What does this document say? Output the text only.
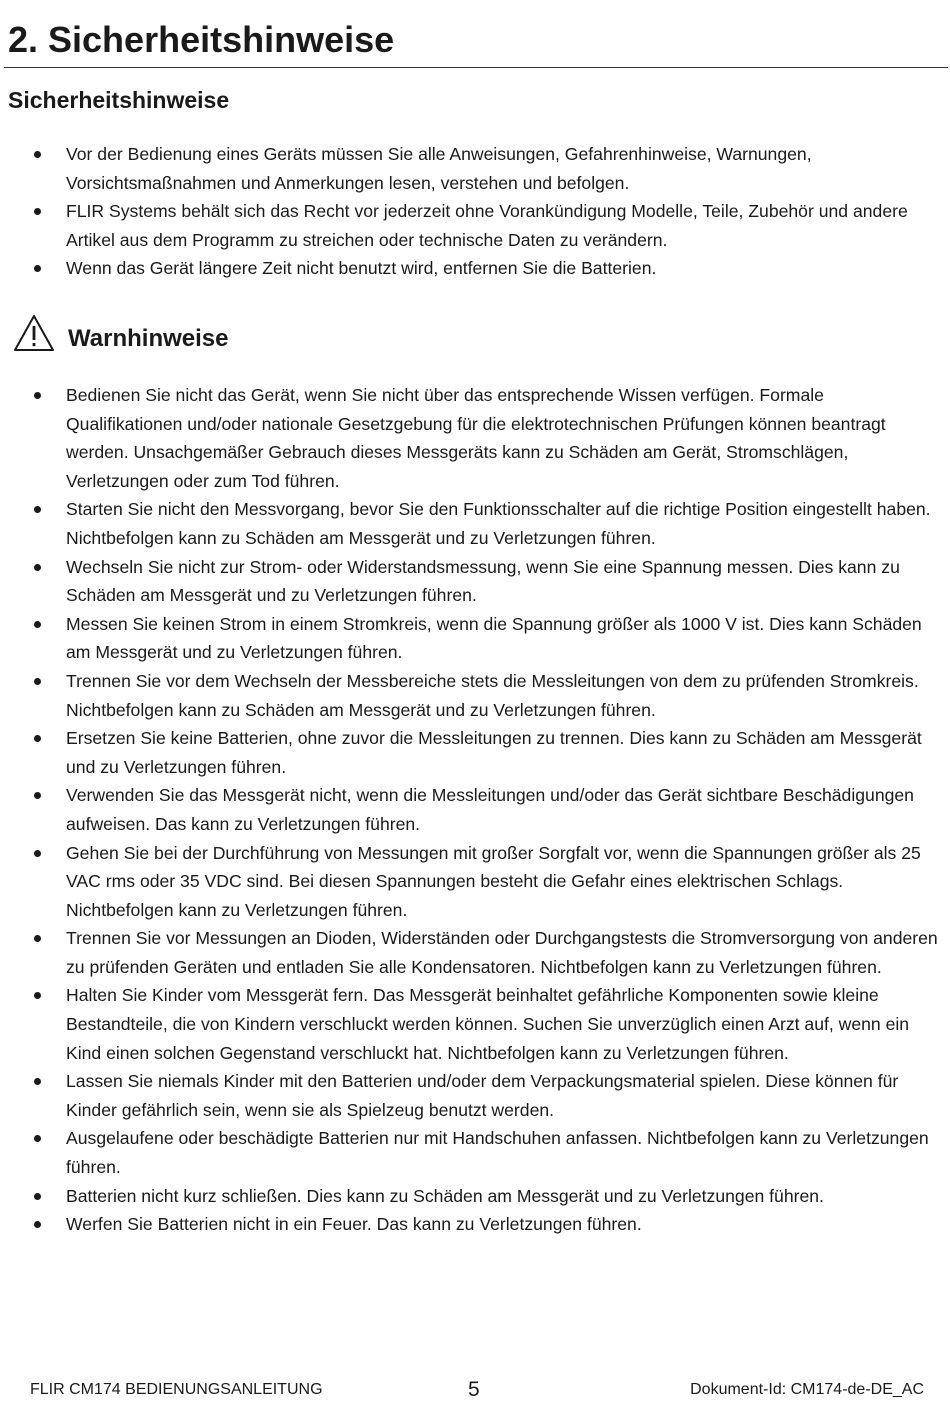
2. Sicherheitshinweise
Sicherheitshinweise
Vor der Bedienung eines Geräts müssen Sie alle Anweisungen, Gefahrenhinweise, Warnungen, Vorsichtsmaßnahmen und Anmerkungen lesen, verstehen und befolgen.
FLIR Systems behält sich das Recht vor jederzeit ohne Vorankündigung Modelle, Teile, Zubehör und andere Artikel aus dem Programm zu streichen oder technische Daten zu verändern.
Wenn das Gerät längere Zeit nicht benutzt wird, entfernen Sie die Batterien.
Warnhinweise
Bedienen Sie nicht das Gerät, wenn Sie nicht über das entsprechende Wissen verfügen. Formale Qualifikationen und/oder nationale Gesetzgebung für die elektrotechnischen Prüfungen können beantragt werden. Unsachgemäßer Gebrauch dieses Messgeräts kann zu Schäden am Gerät, Stromschlägen, Verletzungen oder zum Tod führen.
Starten Sie nicht den Messvorgang, bevor Sie den Funktionsschalter auf die richtige Position eingestellt haben. Nichtbefolgen kann zu Schäden am Messgerät und zu Verletzungen führen.
Wechseln Sie nicht zur Strom- oder Widerstandsmessung, wenn Sie eine Spannung messen. Dies kann zu Schäden am Messgerät und zu Verletzungen führen.
Messen Sie keinen Strom in einem Stromkreis, wenn die Spannung größer als 1000 V ist. Dies kann Schäden am Messgerät und zu Verletzungen führen.
Trennen Sie vor dem Wechseln der Messbereiche stets die Messleitungen von dem zu prüfenden Stromkreis. Nichtbefolgen kann zu Schäden am Messgerät und zu Verletzungen führen.
Ersetzen Sie keine Batterien, ohne zuvor die Messleitungen zu trennen. Dies kann zu Schäden am Messgerät und zu Verletzungen führen.
Verwenden Sie das Messgerät nicht, wenn die Messleitungen und/oder das Gerät sichtbare Beschädigungen aufweisen. Das kann zu Verletzungen führen.
Gehen Sie bei der Durchführung von Messungen mit großer Sorgfalt vor, wenn die Spannungen größer als 25 VAC rms oder 35 VDC sind. Bei diesen Spannungen besteht die Gefahr eines elektrischen Schlags. Nichtbefolgen kann zu Verletzungen führen.
Trennen Sie vor Messungen an Dioden, Widerständen oder Durchgangstests die Stromversorgung von anderen zu prüfenden Geräten und entladen Sie alle Kondensatoren. Nichtbefolgen kann zu Verletzungen führen.
Halten Sie Kinder vom Messgerät fern. Das Messgerät beinhaltet gefährliche Komponenten sowie kleine Bestandteile, die von Kindern verschluckt werden können. Suchen Sie unverzüglich einen Arzt auf, wenn ein Kind einen solchen Gegenstand verschluckt hat. Nichtbefolgen kann zu Verletzungen führen.
Lassen Sie niemals Kinder mit den Batterien und/oder dem Verpackungsmaterial spielen. Diese können für Kinder gefährlich sein, wenn sie als Spielzeug benutzt werden.
Ausgelaufene oder beschädigte Batterien nur mit Handschuhen anfassen. Nichtbefolgen kann zu Verletzungen führen.
Batterien nicht kurz schließen. Dies kann zu Schäden am Messgerät und zu Verletzungen führen.
Werfen Sie Batterien nicht in ein Feuer. Das kann zu Verletzungen führen.
FLIR CM174 BEDIENUNGSANLEITUNG	5	Dokument-Id: CM174-de-DE_AC
